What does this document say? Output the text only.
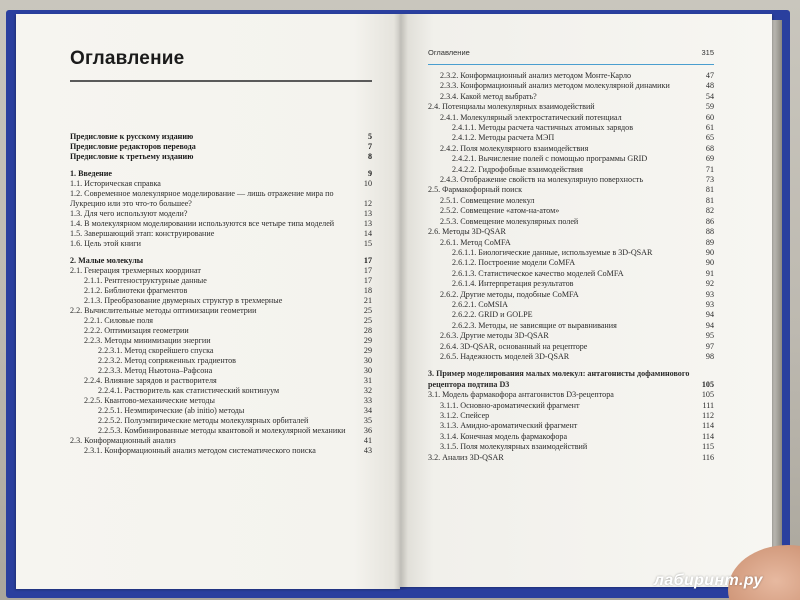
Оглавление
Предисловие к русскому изданию	5
Предисловие редакторов перевода	7
Предисловие к третьему изданию	8
1. Введение	9
1.1. Историческая справка	10
1.2. Современное молекулярное моделирование — лишь отражение мира по Лукрецию или это что-то большее?	12
1.3. Для чего используют модели?	13
1.4. В молекулярном моделировании используются все четыре типа моделей	13
1.5. Завершающий этап: конструирование	14
1.6. Цель этой книги	15
2. Малые молекулы	17
2.1. Генерация трехмерных координат	17
2.1.1. Рентгеноструктурные данные	17
2.1.2. Библиотеки фрагментов	18
2.1.3. Преобразование двумерных структур в трехмерные	21
2.2. Вычислительные методы оптимизации геометрии	25
2.2.1. Силовые поля	25
2.2.2. Оптимизация геометрии	28
2.2.3. Методы минимизации энергии	29
2.2.3.1. Метод скорейшего спуска	29
2.2.3.2. Метод сопряженных градиентов	30
2.2.3.3. Метод Ньютона–Рафсона	30
2.2.4. Влияние зарядов и растворителя	31
2.2.4.1. Растворитель как статистический континуум	32
2.2.5. Квантово-механические методы	33
2.2.5.1. Неэмпирические (ab initio) методы	34
2.2.5.2. Полуэмпирические методы молекулярных орбиталей	35
2.2.5.3. Комбинированные методы квантовой и молекулярной механики 36
2.3. Конформационный анализ	41
2.3.1. Конформационный анализ методом систематического поиска	43
Оглавление	315
2.3.2. Конформационный анализ методом Монте-Карло	47
2.3.3. Конформационный анализ методом молекулярной динамики	48
2.3.4. Какой метод выбрать?	54
2.4. Потенциалы молекулярных взаимодействий	59
2.4.1. Молекулярный электростатический потенциал	60
2.4.1.1. Методы расчета частичных атомных зарядов	61
2.4.1.2. Методы расчета МЭП	65
2.4.2. Поля молекулярного взаимодействия	68
2.4.2.1. Вычисление полей с помощью программы GRID	69
2.4.2.2. Гидрофобные взаимодействия	71
2.4.3. Отображение свойств на молекулярную поверхность	73
2.5. Фармакофорный поиск	81
2.5.1. Совмещение молекул	81
2.5.2. Совмещение «атом-на-атом»	82
2.5.3. Совмещение молекулярных полей	86
2.6. Методы 3D-QSAR	88
2.6.1. Метод CoMFA	89
2.6.1.1. Биологические данные, используемые в 3D-QSAR	90
2.6.1.2. Построение модели CoMFA	90
2.6.1.3. Статистическое качество моделей CoMFA	91
2.6.1.4. Интерпретация результатов	92
2.6.2. Другие методы, подобные CoMFA	93
2.6.2.1. CoMSIA	93
2.6.2.2. GRID и GOLPE	94
2.6.2.3. Методы, не зависящие от выравнивания	94
2.6.3. Другие методы 3D-QSAR	95
2.6.4. 3D-QSAR, основанный на рецепторе	97
2.6.5. Надежность моделей 3D-QSAR	98
3. Пример моделирования малых молекул: антагонисты дофаминового рецептора подтипа D3	105
3.1. Модель фармакофора антагонистов D3-рецептора	105
3.1.1. Основно-ароматический фрагмент	111
3.1.2. Спейсер	112
3.1.3. Амидно-ароматический фрагмент	114
3.1.4. Конечная модель фармакофора	114
3.1.5. Поля молекулярных взаимодействий	115
3.2. Анализ 3D-QSAR	116
лабиринт.ру
